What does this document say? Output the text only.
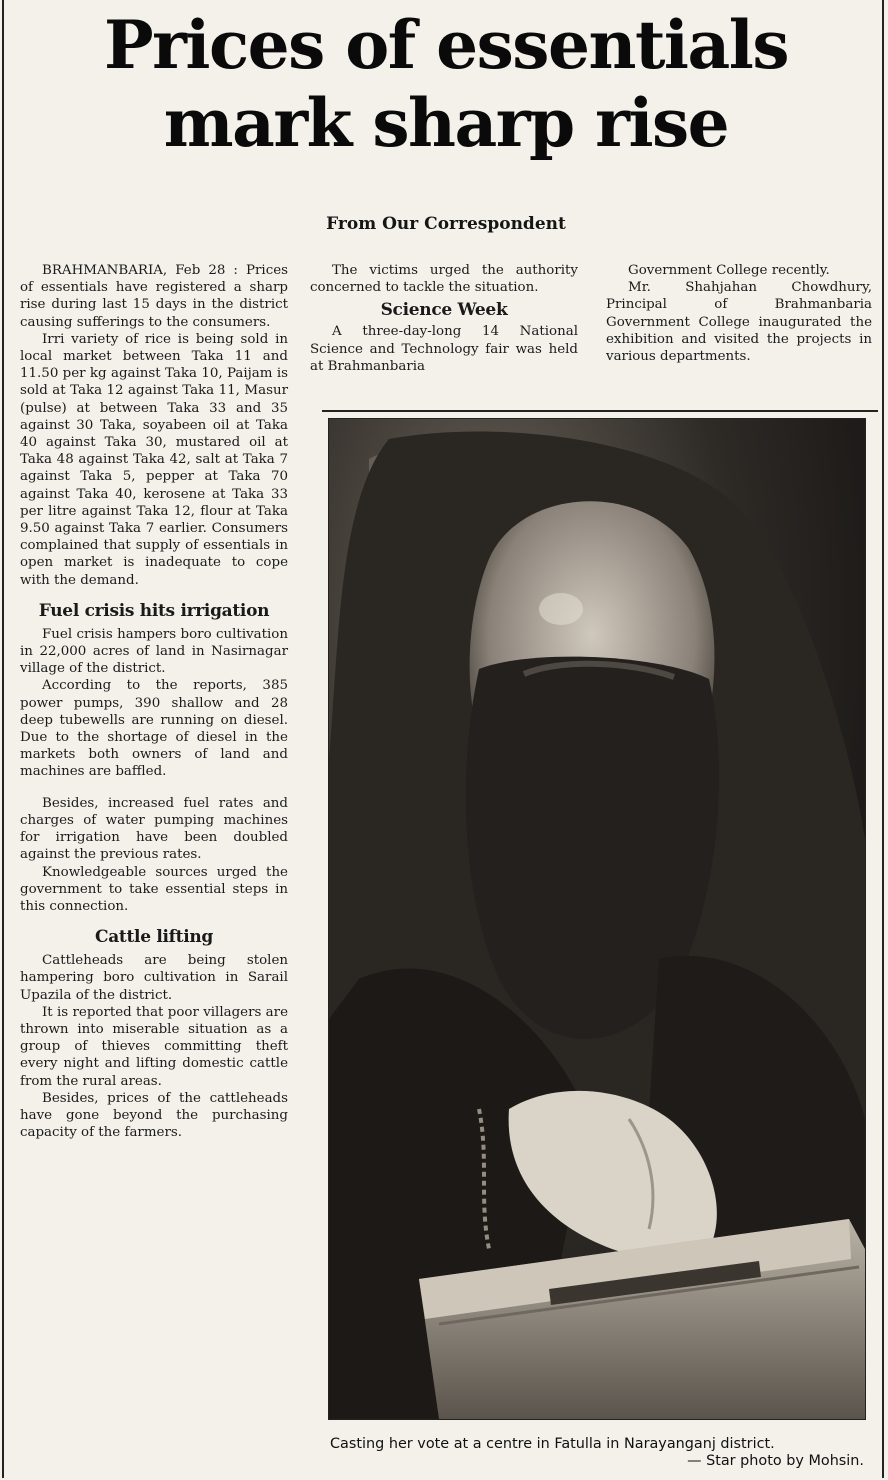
Prices of essentials
mark sharp rise
From Our Correspondent

BRAHMANBARIA, Feb 28 : Prices of essentials have registered a sharp rise during last 15 days in the district causing sufferings to the consumers.

Irri variety of rice is being sold in local market between Taka 11 and 11.50 per kg against Taka 10, Paijam is sold at Taka 12 against Taka 11, Masur (pulse) at between Taka 33 and 35 against 30 Taka, soyabeen oil at Taka 40 against Taka 30, mustared oil at Taka 48 against Taka 42, salt at Taka 7 against Taka 5, pepper at Taka 70 against Taka 40, kerosene at Taka 33 per litre against Taka 12, flour at Taka 9.50 against Taka 7 earlier. Consumers complained that supply of essentials in open market is inadequate to cope with the demand.

Fuel crisis hits irrigation

Fuel crisis hampers boro cultivation in 22,000 acres of land in Nasirnagar village of the district.

According to the reports, 385 power pumps, 390 shallow and 28 deep tubewells are running on diesel. Due to the shortage of diesel in the markets both owners of land and machines are baffled.

Besides, increased fuel rates and charges of water pumping machines for irrigation have been doubled against the previous rates.

Knowledgeable sources urged the government to take essential steps in this connection.

Cattle lifting

Cattleheads are being stolen hampering boro cultivation in Sarail Upazila of the district.

It is reported that poor villagers are thrown into miserable situation as a group of thieves committing theft every night and lifting domestic cattle from the rural areas.

Besides, prices of the cattleheads have gone beyond the purchasing capacity of the farmers.

The victims urged the authority concerned to tackle the situation.

Science Week

A three-day-long 14 National Science and Technology fair was held at Brahmanbaria

Government College recently.

Mr. Shahjahan Chowdhury, Principal of Brahmanbaria Government College inaugurated the exhibition and visited the projects in various departments.

Casting her vote at a centre in Fatulla in Narayanganj district.
— Star photo by Mohsin.
